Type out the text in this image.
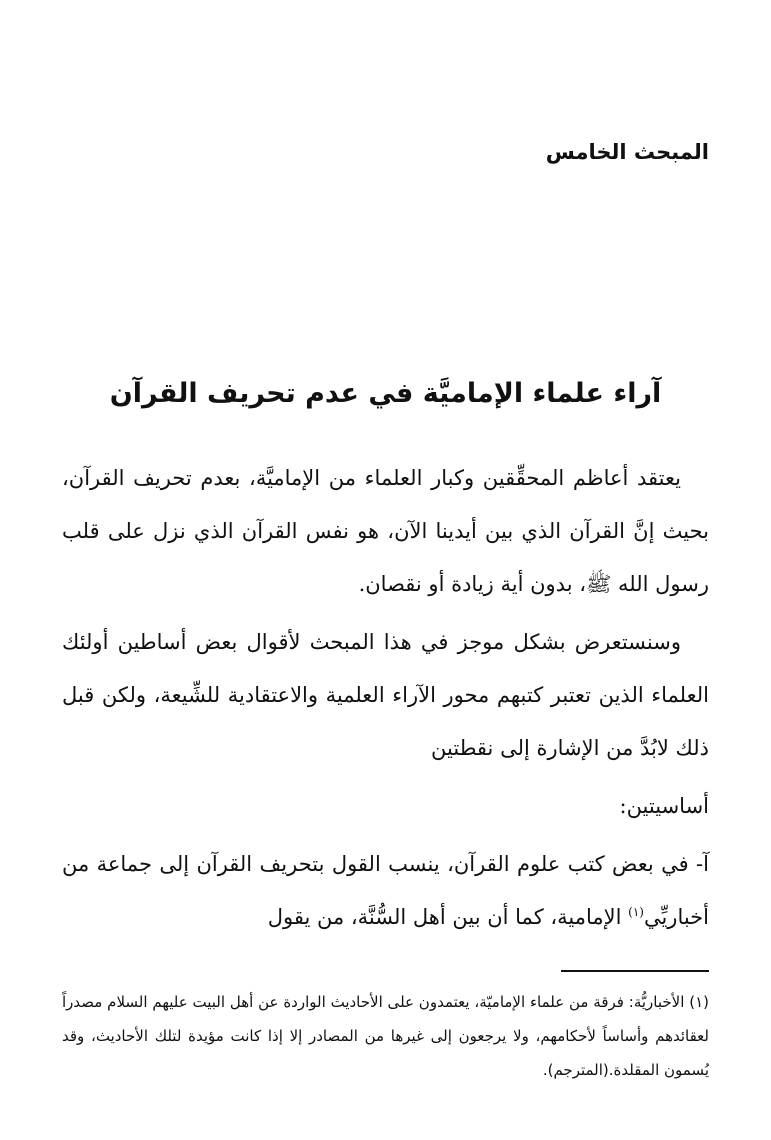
المبحث الخامس
آراء علماء الإماميَّة في عدم تحريف القرآن

يعتقد أعاظم المحقِّقين وكبار العلماء من الإماميَّة، بعدم تحريف القرآن، بحيث إنَّ القرآن الذي بين أيدينا الآن، هو نفس القرآن الذي نزل على قلب رسول الله ﷺ، بدون أية زيادة أو نقصان.

وسنستعرض بشكل موجز في هذا المبحث لأقوال بعض أساطين أولئك العلماء الذين تعتبر كتبهم محور الآراء العلمية والاعتقادية للشِّيعة، ولكن قبل ذلك لابُدَّ من الإشارة إلى نقطتين

أساسيتين:

آ- في بعض كتب علوم القرآن، ينسب القول بتحريف القرآن إلى جماعة من أخباريِّي$^{(١)}$ الإمامية، كما أن بين أهل السُّنَّة، من يقول

(١) الأخباريُّة: فرقة من علماء الإماميّة، يعتمدون على الأحاديث الواردة عن أهل البيت عليهم السلام مصدراً لعقائدهم وأساساً لأحكامهم، ولا يرجعون إلى غيرها من المصادر إلا إذا كانت مؤيدة لتلك الأحاديث، وقد يُسمون المقلدة.(المترجم).
